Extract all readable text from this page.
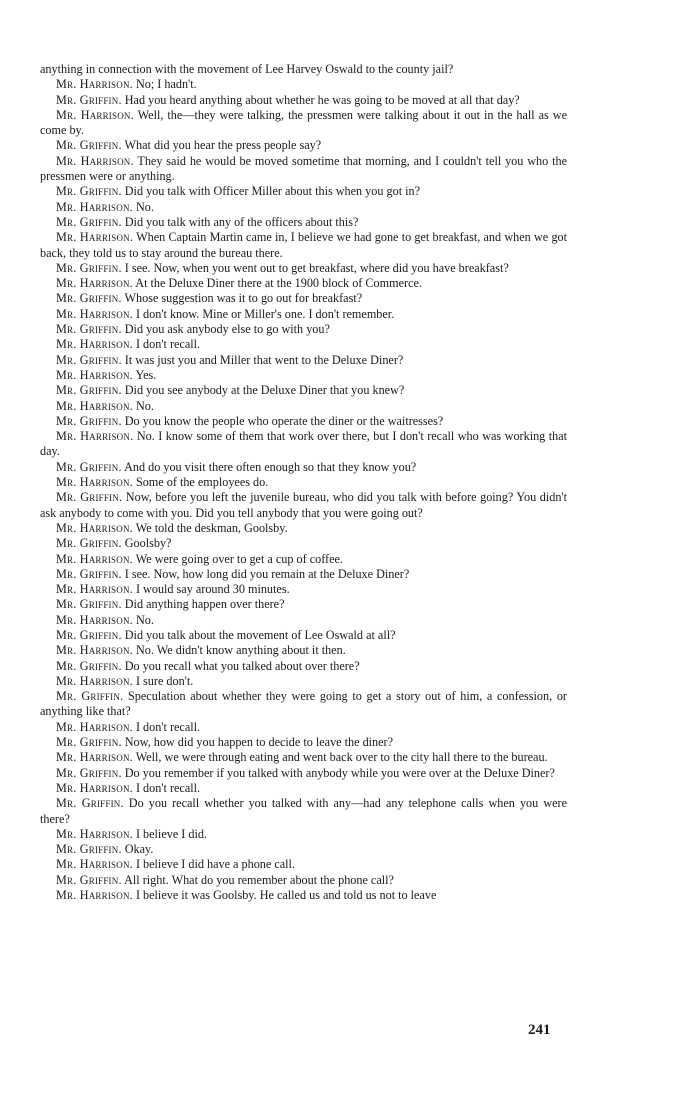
anything in connection with the movement of Lee Harvey Oswald to the county jail?

Mr. Harrison. No; I hadn't.

Mr. Griffin. Had you heard anything about whether he was going to be moved at all that day?

Mr. Harrison. Well, the—they were talking, the pressmen were talking about it out in the hall as we come by.

Mr. Griffin. What did you hear the press people say?

Mr. Harrison. They said he would be moved sometime that morning, and I couldn't tell you who the pressmen were or anything.

Mr. Griffin. Did you talk with Officer Miller about this when you got in?

Mr. Harrison. No.

Mr. Griffin. Did you talk with any of the officers about this?

Mr. Harrison. When Captain Martin came in, I believe we had gone to get breakfast, and when we got back, they told us to stay around the bureau there.

Mr. Griffin. I see. Now, when you went out to get breakfast, where did you have breakfast?

Mr. Harrison. At the Deluxe Diner there at the 1900 block of Commerce.

Mr. Griffin. Whose suggestion was it to go out for breakfast?

Mr. Harrison. I don't know. Mine or Miller's one. I don't remember.

Mr. Griffin. Did you ask anybody else to go with you?

Mr. Harrison. I don't recall.

Mr. Griffin. It was just you and Miller that went to the Deluxe Diner?

Mr. Harrison. Yes.

Mr. Griffin. Did you see anybody at the Deluxe Diner that you knew?

Mr. Harrison. No.

Mr. Griffin. Do you know the people who operate the diner or the waitresses?

Mr. Harrison. No. I know some of them that work over there, but I don't recall who was working that day.

Mr. Griffin. And do you visit there often enough so that they know you?

Mr. Harrison. Some of the employees do.

Mr. Griffin. Now, before you left the juvenile bureau, who did you talk with before going? You didn't ask anybody to come with you. Did you tell anybody that you were going out?

Mr. Harrison. We told the deskman, Goolsby.

Mr. Griffin. Goolsby?

Mr. Harrison. We were going over to get a cup of coffee.

Mr. Griffin. I see. Now, how long did you remain at the Deluxe Diner?

Mr. Harrison. I would say around 30 minutes.

Mr. Griffin. Did anything happen over there?

Mr. Harrison. No.

Mr. Griffin. Did you talk about the movement of Lee Oswald at all?

Mr. Harrison. No. We didn't know anything about it then.

Mr. Griffin. Do you recall what you talked about over there?

Mr. Harrison. I sure don't.

Mr. Griffin. Speculation about whether they were going to get a story out of him, a confession, or anything like that?

Mr. Harrison. I don't recall.

Mr. Griffin. Now, how did you happen to decide to leave the diner?

Mr. Harrison. Well, we were through eating and went back over to the city hall there to the bureau.

Mr. Griffin. Do you remember if you talked with anybody while you were over at the Deluxe Diner?

Mr. Harrison. I don't recall.

Mr. Griffin. Do you recall whether you talked with any—had any telephone calls when you were there?

Mr. Harrison. I believe I did.

Mr. Griffin. Okay.

Mr. Harrison. I believe I did have a phone call.

Mr. Griffin. All right. What do you remember about the phone call?

Mr. Harrison. I believe it was Goolsby. He called us and told us not to leave

241
